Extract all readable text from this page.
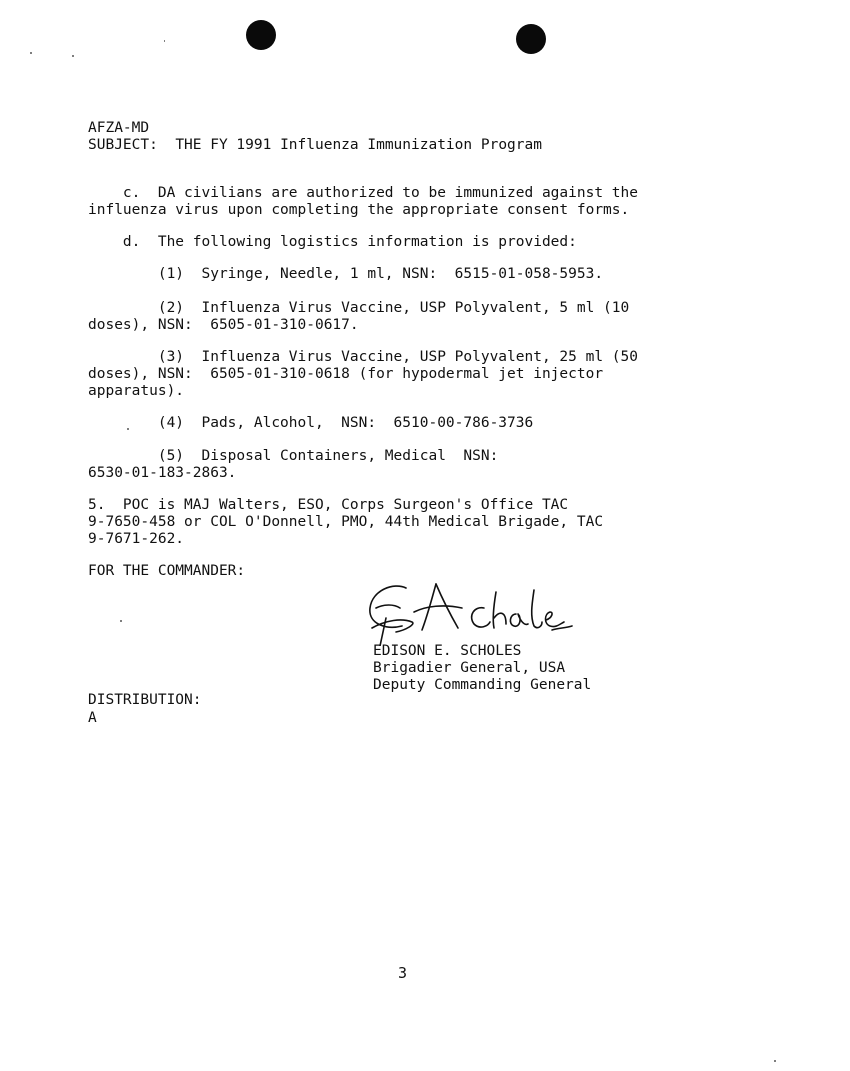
AFZA-MD
SUBJECT: THE FY 1991 Influenza Immunization Program
c.  DA civilians are authorized to be immunized against the
influenza virus upon completing the appropriate consent forms.
d.  The following logistics information is provided:
(1)  Syringe, Needle, 1 ml, NSN:  6515-01-058-5953.
(2)  Influenza Virus Vaccine, USP Polyvalent, 5 ml (10
doses), NSN:  6505-01-310-0617.
(3)  Influenza Virus Vaccine, USP Polyvalent, 25 ml (50
doses), NSN:  6505-01-310-0618 (for hypodermal jet injector
apparatus).
(4)  Pads, Alcohol,  NSN:  6510-00-786-3736
(5)  Disposal Containers, Medical  NSN:
6530-01-183-2863.
5.  POC is MAJ Walters, ESO, Corps Surgeon's Office TAC
9-7650-458 or COL O'Donnell, PMO, 44th Medical Brigade, TAC
9-7671-262.
FOR THE COMMANDER:
EDISON E. SCHOLES
Brigadier General, USA
Deputy Commanding General
DISTRIBUTION:
A
3
